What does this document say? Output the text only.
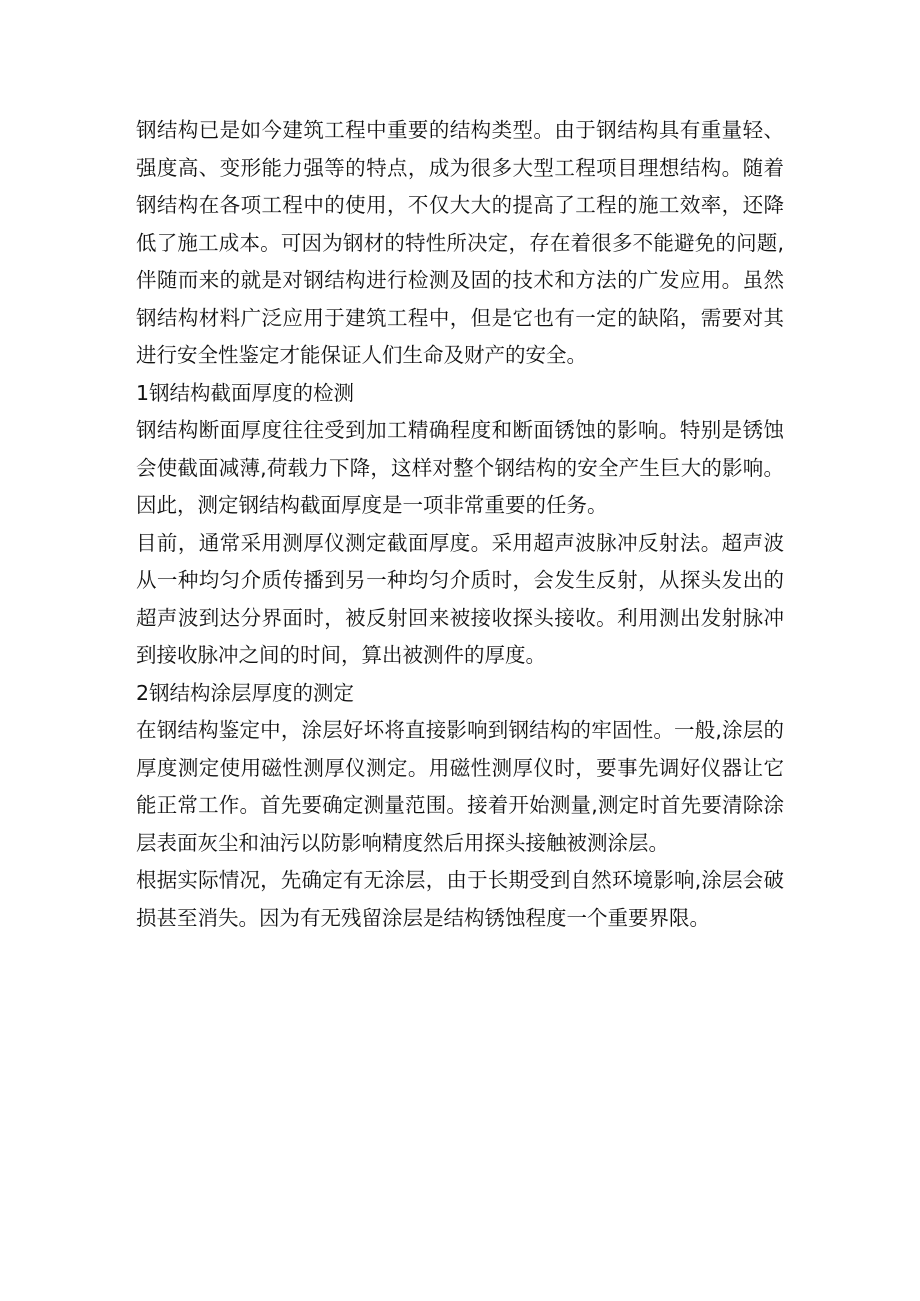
钢结构已是如今建筑工程中重要的结构类型。由于钢结构具有重量轻、强度高、变形能力强等的特点，成为很多大型工程项目理想结构。随着钢结构在各项工程中的使用，不仅大大的提高了工程的施工效率，还降低了施工成本。可因为钢材的特性所决定，存在着很多不能避免的问题,伴随而来的就是对钢结构进行检测及固的技术和方法的广发应用。虽然钢结构材料广泛应用于建筑工程中，但是它也有一定的缺陷，需要对其进行安全性鉴定才能保证人们生命及财产的安全。

1钢结构截面厚度的检测

钢结构断面厚度往往受到加工精确程度和断面锈蚀的影响。特别是锈蚀会使截面减薄,荷载力下降，这样对整个钢结构的安全产生巨大的影响。因此，测定钢结构截面厚度是一项非常重要的任务。

目前，通常采用测厚仪测定截面厚度。采用超声波脉冲反射法。超声波从一种均匀介质传播到另一种均匀介质时，会发生反射，从探头发出的超声波到达分界面时，被反射回来被接收探头接收。利用测出发射脉冲到接收脉冲之间的时间，算出被测件的厚度。

2钢结构涂层厚度的测定

在钢结构鉴定中，涂层好坏将直接影响到钢结构的牢固性。一般,涂层的厚度测定使用磁性测厚仪测定。用磁性测厚仪时，要事先调好仪器让它能正常工作。首先要确定测量范围。接着开始测量,测定时首先要清除涂层表面灰尘和油污以防影响精度然后用探头接触被测涂层。

根据实际情况，先确定有无涂层，由于长期受到自然环境影响,涂层会破损甚至消失。因为有无残留涂层是结构锈蚀程度一个重要界限。
